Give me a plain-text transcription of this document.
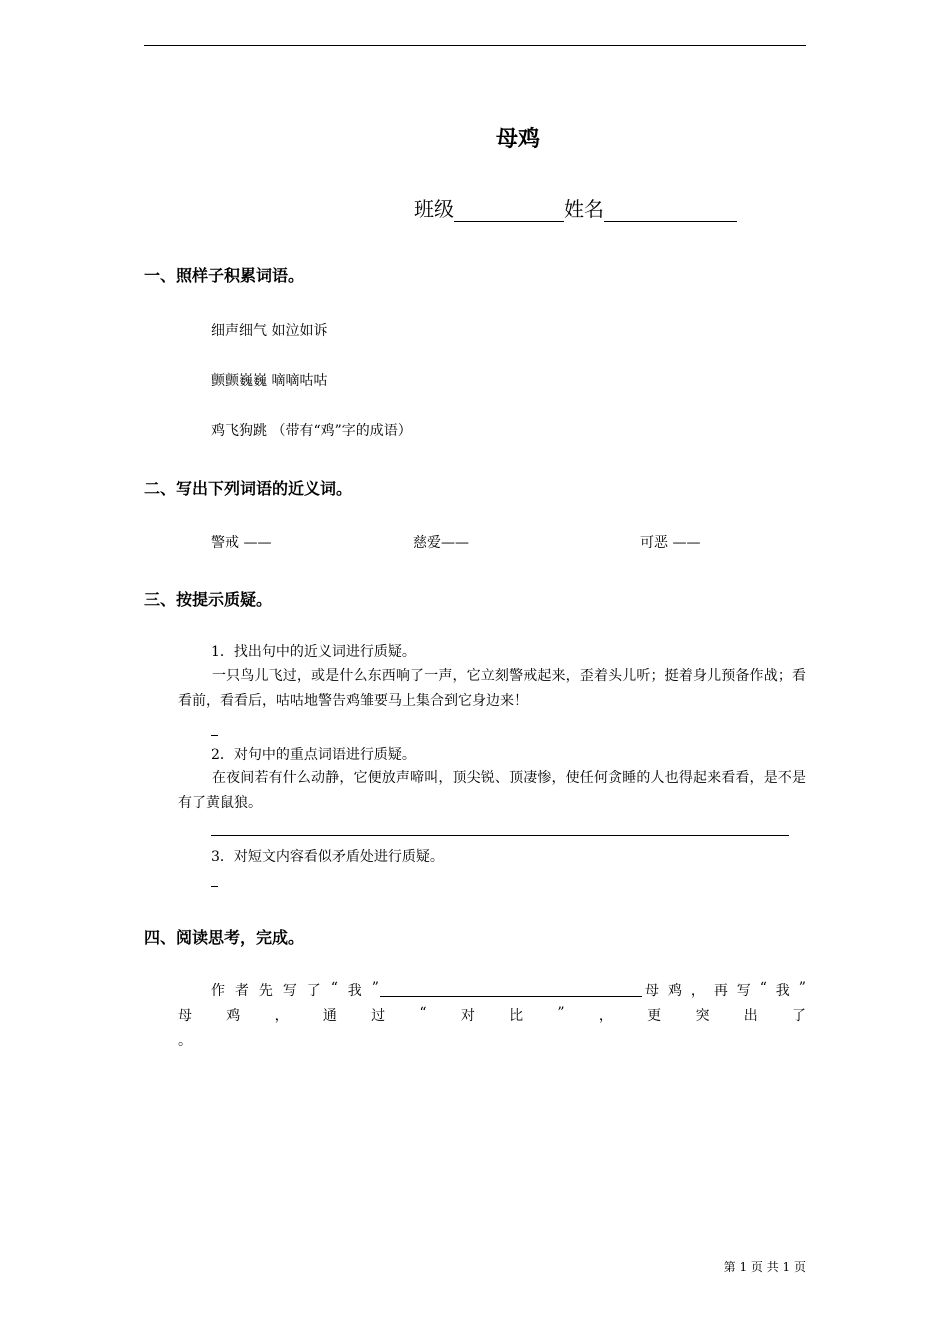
母鸡
班级	姓名
一、照样子积累词语。
细声细气 如泣如诉
颤颤巍巍 嘀嘀咕咕
鸡飞狗跳 （带有“鸡”字的成语）
二、写出下列词语的近义词。
警戒 ——	慈爱——	可恶 ——
三、按提示质疑。
1．找出句中的近义词进行质疑。
一只鸟儿飞过，或是什么东西响了一声，它立刻警戒起来，歪着头儿听；挺着身儿预备作战；看看前，看看后，咕咕地警告鸡雏要马上集合到它身边来！
2．对句中的重点词语进行质疑。
在夜间若有什么动静，它便放声啼叫，顶尖锐、顶凄惨，使任何贪睡的人也得起来看看，是不是有了黄鼠狼。
3．对短文内容看似矛盾处进行质疑。
四、阅读思考，完成。
作 者 先 写 了 “ 我 ”	母 鸡 ， 再 写 “ 我 ”
母 鸡 ， 通 过 “ 对 比 ” ， 更 突 出 了
。
第 1 页 共 1 页
